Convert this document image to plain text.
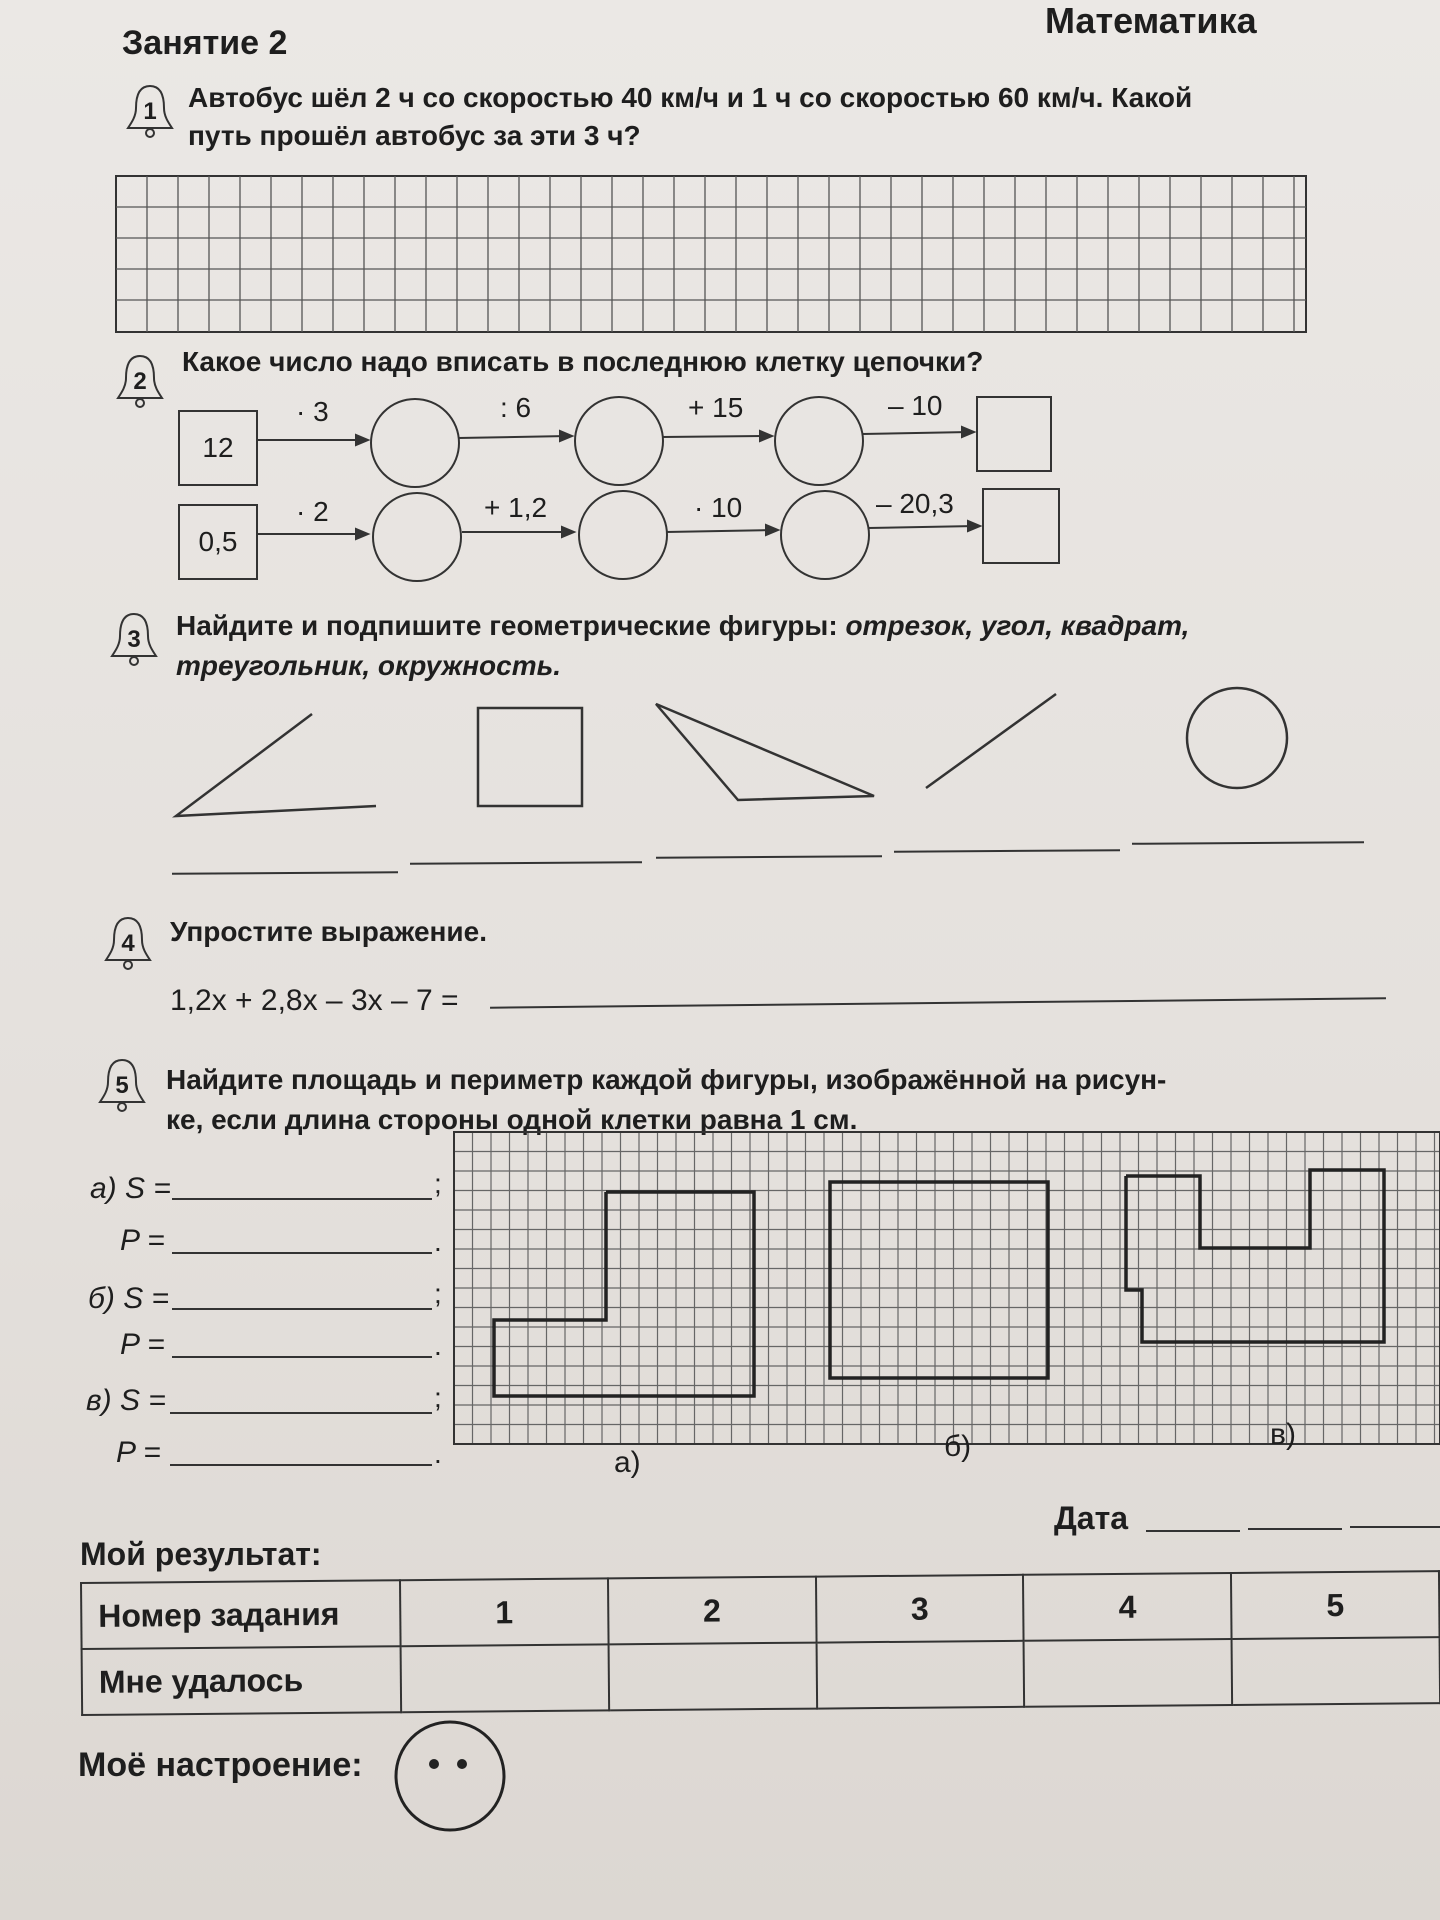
Занятие 2
Математика
1	Автобус шёл 2 ч со скоростью 40 км/ч и 1 ч со скоростью 60 км/ч. Какой
путь прошёл автобус за эти 3 ч?
2
Какое число надо вписать в последнюю клетку цепочки?
12
· 3	: 6	+ 15	– 10
0,5
· 2	+ 1,2	· 10	– 20,3
3	Найдите и подпишите геометрические фигуры: отрезок, угол, квадрат,
треугольник, окружность.
4	Упростите выражение.
1,2x + 2,8x – 3x – 7 =
5	Найдите площадь и периметр каждой фигуры, изображённой на рисун-
ке, если длина стороны одной клетки равна 1 см.
а) S =	;
P =	.
б) S =	;
P =	.
в) S =	;
P =	.	а)	б)	в)
Дата
Мой результат:
Номер задания	1	2	3	4	5
Мне удалось					
Моё настроение:
